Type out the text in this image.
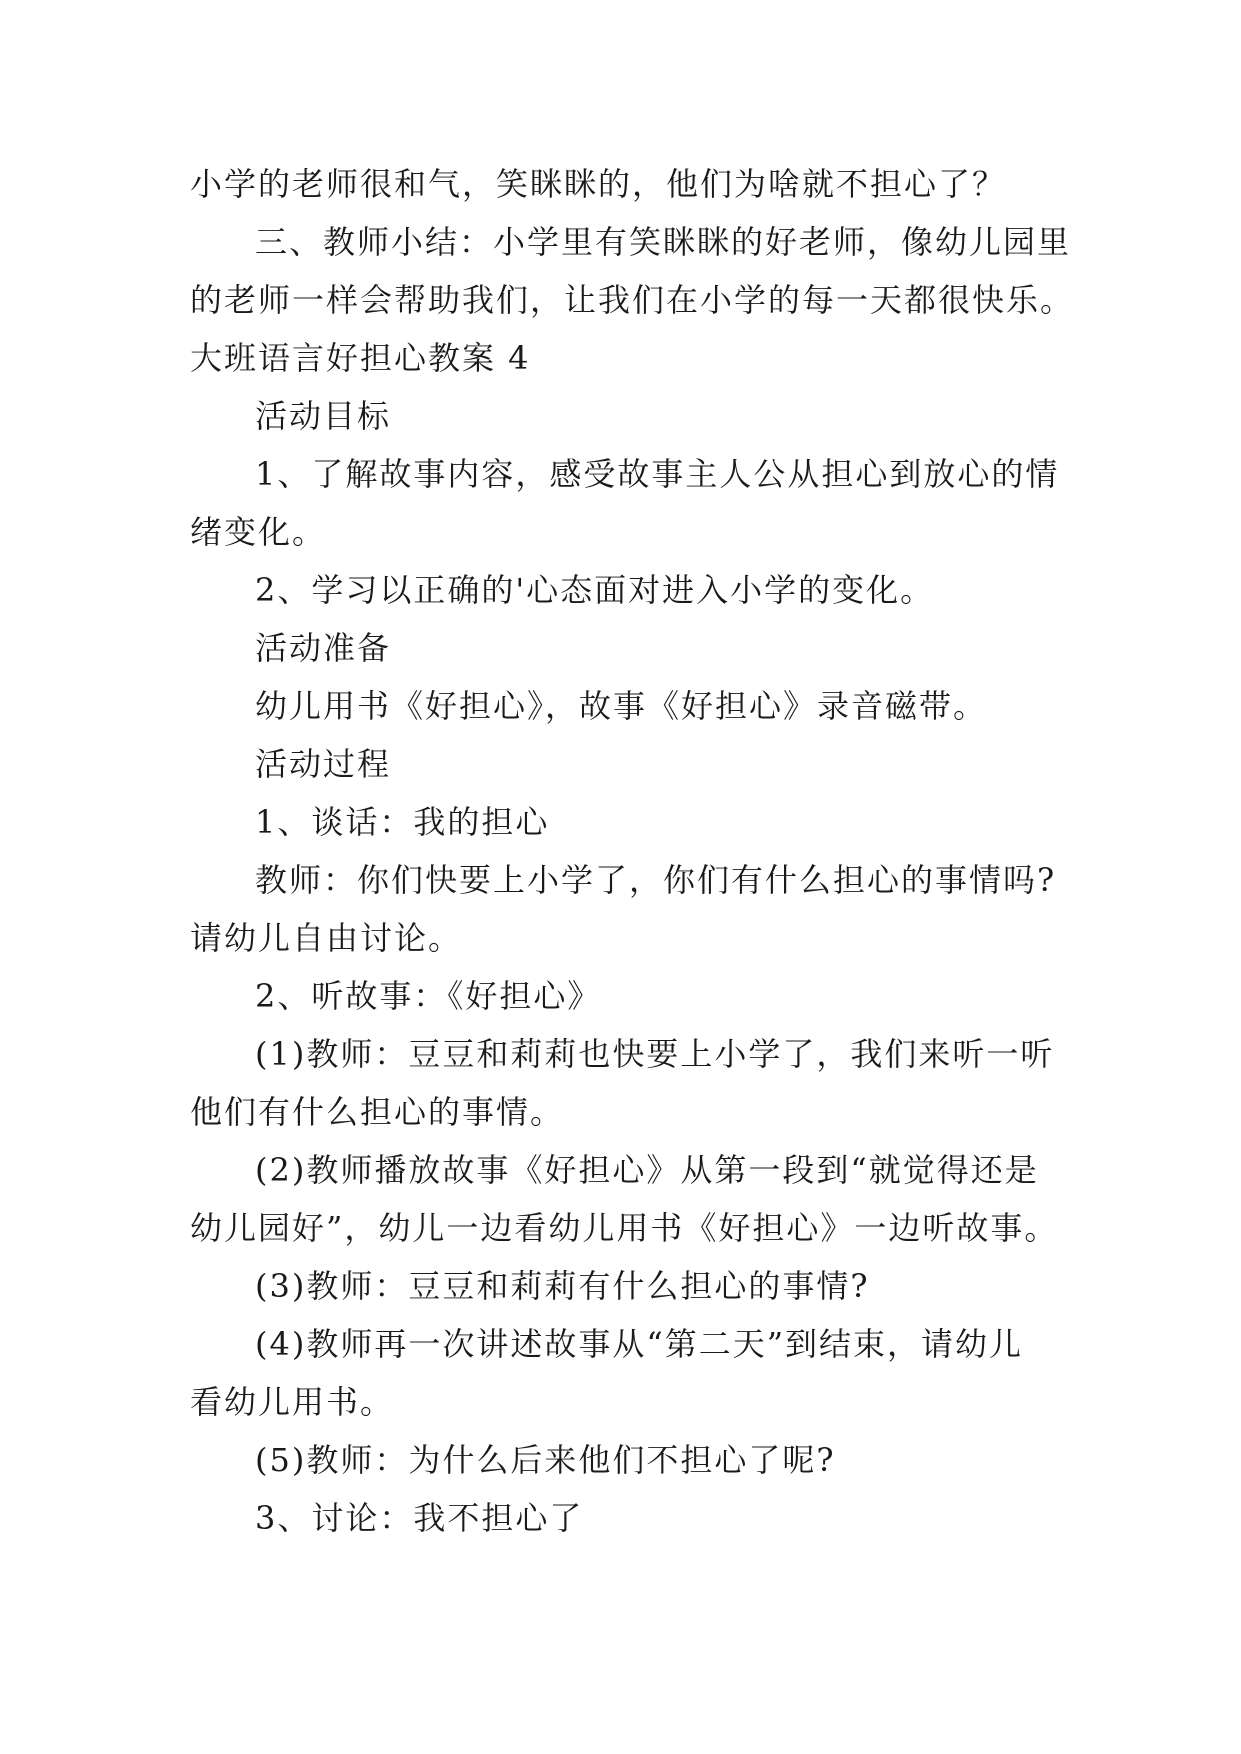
小学的老师很和气，笑眯眯的，他们为啥就不担心了？
三、教师小结：小学里有笑眯眯的好老师，像幼儿园里
的老师一样会帮助我们，让我们在小学的每一天都很快乐。
大班语言好担心教案 4
活动目标
1、了解故事内容，感受故事主人公从担心到放心的情
绪变化。
2、学习以正确的'心态面对进入小学的变化。
活动准备
幼儿用书《好担心》，故事《好担心》录音磁带。
活动过程
1、谈话：我的担心
教师：你们快要上小学了，你们有什么担心的事情吗?
请幼儿自由讨论。
2、听故事：《好担心》
(1)教师：豆豆和莉莉也快要上小学了，我们来听一听
他们有什么担心的事情。
(2)教师播放故事《好担心》从第一段到“就觉得还是
幼儿园好”，幼儿一边看幼儿用书《好担心》一边听故事。
(3)教师：豆豆和莉莉有什么担心的事情?
(4)教师再一次讲述故事从“第二天”到结束，请幼儿
看幼儿用书。
(5)教师：为什么后来他们不担心了呢?
3、讨论：我不担心了
